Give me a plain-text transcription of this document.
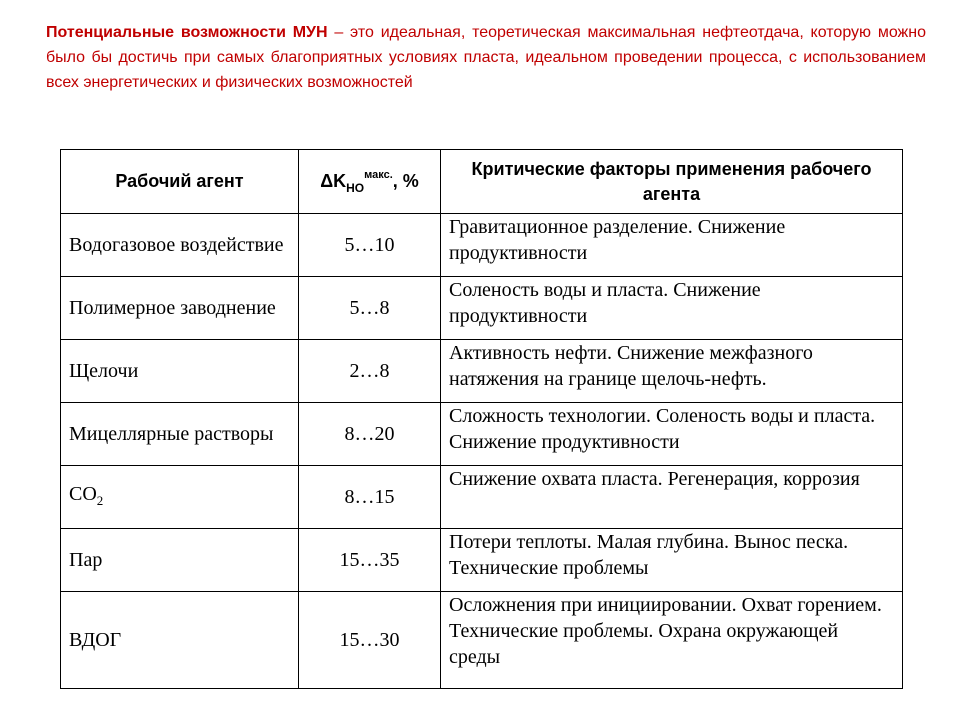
Потенциальные возможности МУН – это идеальная, теоретическая максимальная нефтеотдача, которую можно было бы достичь при самых благоприятных условиях пласта, идеальном проведении процесса, с использованием всех энергетических и физических возможностей

Рабочий агент	$\Delta K_{НО}^{макс.}$, %	Критические факторы применения рабочего агента
Водогазовое воздействие	5…10	Гравитационное разделение. Снижение продуктивности
Полимерное заводнение	5…8	Соленость воды и пласта. Снижение продуктивности
Щелочи	2…8	Активность нефти. Снижение межфазного натяжения на границе щелочь-нефть.
Мицеллярные растворы	8…20	Сложность технологии. Соленость воды и пласта. Снижение продуктивности
$CO_2$	8…15	Снижение охвата пласта. Регенерация, коррозия
Пар	15…35	Потери теплоты. Малая глубина. Вынос песка. Технические проблемы
ВДОГ	15…30	Осложнения при инициировании. Охват горением. Технические проблемы. Охрана окружающей среды
